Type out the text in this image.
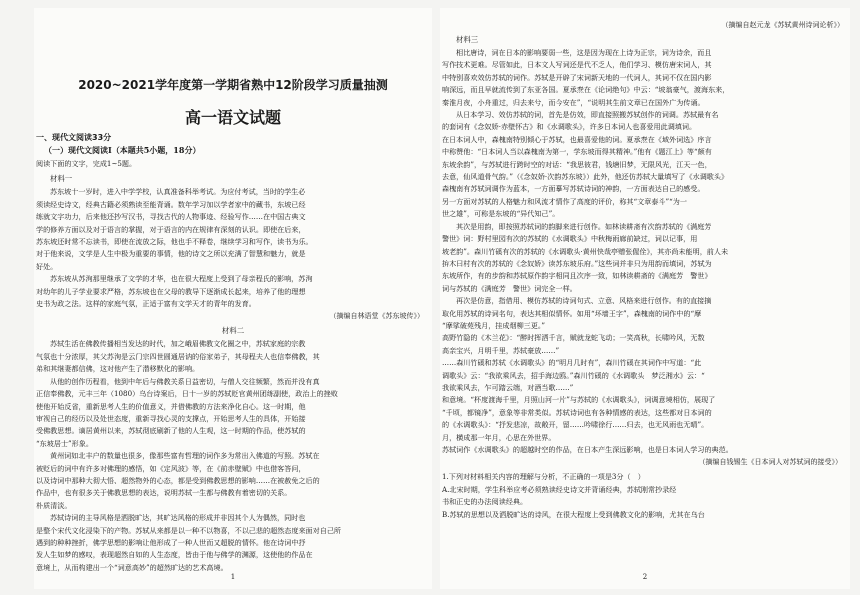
2020~2021学年度第一学期省熟中12阶段学习质量抽测
高一语文试题
一、现代文阅读33分
（一）现代文阅读Ⅰ（本题共5小题，18分）

阅读下面的文字，完成1~5题。

材料一

苏东坡十一岁时，进入中学学校，认真准备科举考试。为应付考试，当时的学生必

须读经史诗文，经典古籍必须熟读至能背诵。数年学习加以学者家中的藏书，东坡已经

练就文字功力，后来他还抄写汉书，寻找古代的人物事迹、经验写作……在中国古典文

学的修养方面以及对于语言的掌握，对于语言的内在规律有深刻的认识。即使在后来，

苏东坡还时常不忘读书，即使在流放之际，他也手不释卷，继续学习和写作，读书为乐。

对于他来说，文学是人生中极为重要的事情，他的诗文之所以充满了智慧和魅力，就是

好处。

苏东坡从苏洵那里继承了文学的才华，也在很大程度上受到了母亲程氏的影响，苏洵

对幼年的儿子学业要求严格，苏东坡也在父母的教导下逐渐成长起来，培养了他的理想

史书为政之法。这样的家庭气氛，正适于富有文学天才的青年的发育。

（摘编自林语堂《苏东坡传》）
材料二

苏轼生活在佛教传播相当发达的时代，加之峨眉佛教文化圈之中，苏轼家庭的宗教

气氛也十分浓厚，其父苏洵是云门宗四世圆通居讷的俗家弟子，其母程夫人也信奉佛教，其

弟和其继妻都信佛，这对他产生了潜移默化的影响。

从他的创作历程看，他到中年后与佛教关系日益密切，与僧人交往频繁，然而并没有真

正信奉佛教，元丰三年（1080）乌台诗案后，日十一岁的苏轼贬官黄州团练副使，政治上的挫败

使他开始反省，重新思考人生的价值意义，并借佛教的方法来净化自心。这一时期，他

审视自己的经历以及处世态度，重新寻找心灵的支撑点，开始思考人生的具体，开始接

受佛教思想。谪居黄州以来，苏轼彻底刷新了他的人生观，这一时期的作品，使苏轼的

“东坡居士”形象。

黄州词如北丰户的数量也很多，像那些富有哲理的词作多为常出入佛道的写照。苏轼在

被贬后的词中有许多对佛理的感悟，如《定风波》等，在《前赤壁赋》中也借客答问，

以及诗词中那种大彻大悟、超然物外的心态，都是受到佛教思想的影响……在被赦免之后的

作品中，也有很多关于佛教思想的表达，说明苏轼一生都与佛教有着密切的关系。

朴质清淡。

苏轼诗词的主导风格是洒脱旷达，其旷达风格的形成并非因其个人为偶然，同时也

是整个宋代文化浸染下的产物。苏轼从来都是以一种不以物喜，不以己悲的超然态度来面对自己所

遇到的种种挫折，佛学思想的影响让他形成了一种人世而又超脱的情怀。他在诗词中抒

发人生如梦的感叹，表现超然自如的人生态度，皆由于他与佛学的渊源，这使他的作品在

意境上，从而构建出一个“词意高妙”的超然旷达的艺术高境。

1
（摘编自赵元龙《苏轼黄州诗词论析》）
材料三

相比唐诗，词在日本的影响要弱一些，这是因为现在上诗为正宗，词为诗余，而且

写作技术更难。尽管如此，日本文人写词还是代不乏人，他们学习、模仿唐宋词人，其

中特别喜欢效仿苏轼的词作。苏轼是开辟了宋词新天地的一代词人，其词不仅在国内影

响深远，而且早就流传到了东亚各国。夏承焘在《论词绝句》中云：“坡翁豪气，渡海东来，

秦淮月夜，小舟重过，归去来兮，而今安在”，“说明其生前文章已在国外广为传诵。

从日本学习、效仿苏轼的词，首先是仿效，即直接照搬苏轼创作的词调。苏轼最有名

的套词有《念奴娇·赤壁怀古》和《水调歌头》，许多日本词人也喜爱用此调填词。

在日本词人中，森槐南特别倾心于苏轼，也最喜爱他的词。夏承焘在《域外词选》序言

中称赞他：“日本词人当以森槐南为第一，学东坡而得其精神。”他有《题江上》等“颇有

东坡余韵”，与苏轼进行跨时空的对话：“我思彼君，钱塘旧梦，无限风光，江天一色，

去意，仙风道骨气韵。”（《念奴娇·次韵苏东坡》）此外，他还仿苏轼大量填写了《水调歌头》

森槐南有苏轼词调作为蓝本，一方面摹写苏轼诗词的神韵，一方面表达自己的感受。

另一方面对苏轼的人格魅力和风流才情作了高度的评价，称其“文章泰斗”“为一

世之雄”，可称是东坡的“异代知己”。

其次是用韵，即按照苏轼词的韵脚来进行创作。如林读耕斋有次韵苏轼的《满庭芳

警世》词：野村里园有次的苏轼的《水调歌头》中秋梅雨廊前缺过，词以记事，用

坡老韵”。森川竹磎有次的苏轼的《水调歌头·黄州快哉亭赠张偓佺》，其亦尚未能明，前人未

拚木曰村有次的苏轼的《念奴娇》读苏东坡乐府。”这些词并非只为用韵而填词，苏轼为

东坡所作，有的步韵和苏轼原作韵字相同且次序一致，如林读耕斋的《满庭芳　警世》

词与苏轼的《满庭芳　警世》词完全一样。

再次是仿意，指借用、模仿苏轼的诗词句式、立意、风格来进行创作。有的直接摘

取化用苏轼的诗词名句，表达其相似情怀。如用“坏墙王字”，森槐南的词作中的“摩

“摩挲破苑残月，挂成烟柳三更。”

高野竹隐的《木兰花》：“醉时挥洒千言，赋就龙蛇飞动；一笑高秋，长啸吟风，无数

高亲宝兴，月明千里，苏轼豪放……”

……森川竹磎和苏轼《水调歌头》的“明月几时有”，森川竹磎在其词作中写道：“此

调歌头》云：“我欲乘风去，招手海边鸥。”森川竹磎的《水调歌头　梦泛湘水》云：“

我欲乘风去，乍可踏云端，对酒当歌……”

和意境。“杯度渡海千里，月照山河一片”与苏轼的《水调歌头》，词调意境相仿，展现了

“千顷，都镜净”，意象等非常类似。苏轼诗词也有各种情感的表达，这些都对日本词的

的《水调歌头》：“抒发悲凉，故敞开，留……吟啸徐行……归去，也无风雨也无晴”。

月，横成那一年月，心思在外世界。

苏轼词作《水调歌头》的超越时空的作品，在日本产生深远影响，也是日本词人学习的典范。

（摘编自钱锡生《日本词人对苏轼词的接受》）

1.下列对材料相关内容的理解与分析，不正确的一项是3分（　）

A.北宋时期，学生科举应考必须熟读经史诗文并背诵经典，苏轼刚常抄录经

书和正史的办法阅读经典。

B.苏轼的思想以及洒脱旷达的诗风，在很大程度上受到佛教文化的影响，尤其在乌台

2
